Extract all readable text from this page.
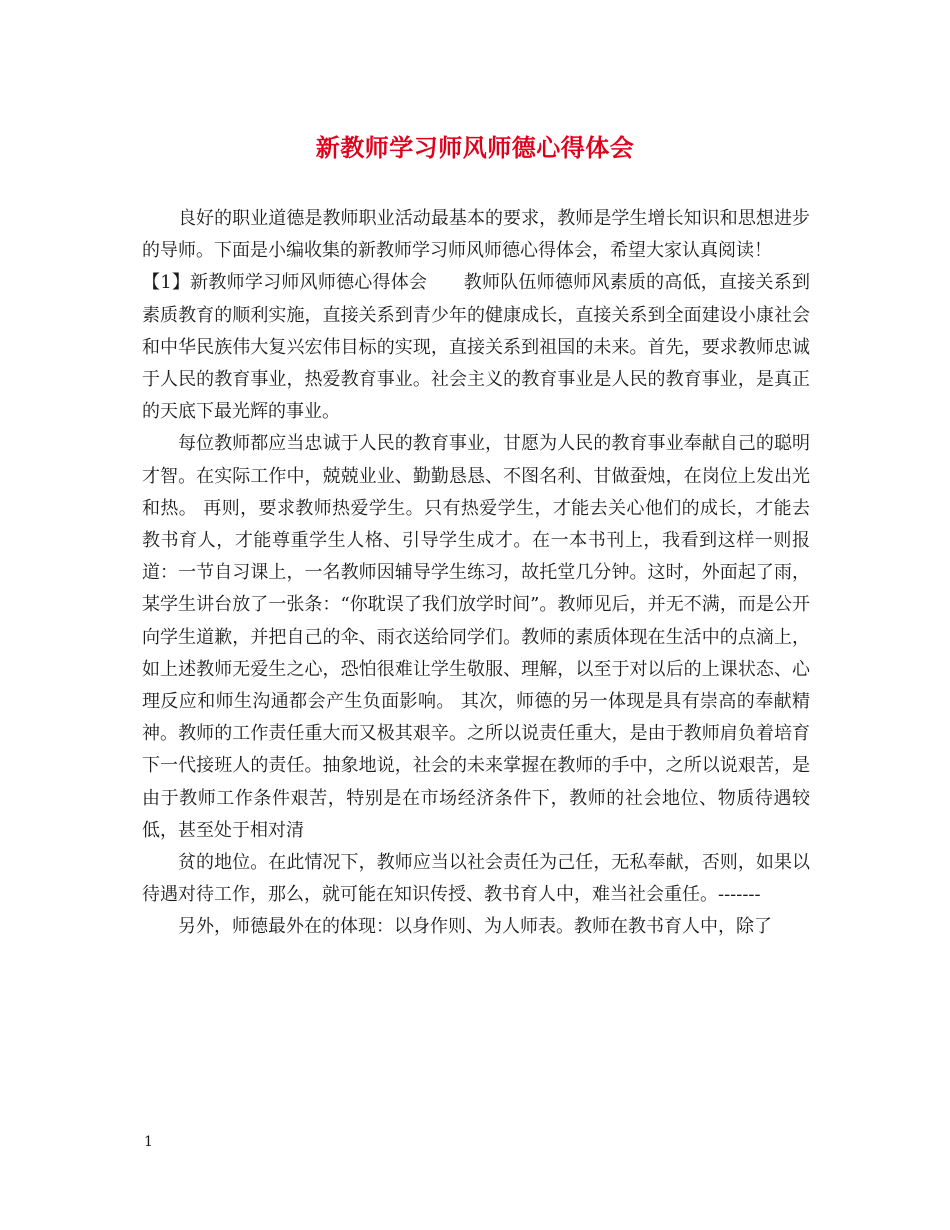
新教师学习师风师德心得体会

良好的职业道德是教师职业活动最基本的要求，教师是学生增长知识和思想进步的导师。下面是小编收集的新教师学习师风师德心得体会，希望大家认真阅读！

【1】新教师学习师风师德心得体会　　教师队伍师德师风素质的高低，直接关系到素质教育的顺利实施，直接关系到青少年的健康成长，直接关系到全面建设小康社会和中华民族伟大复兴宏伟目标的实现，直接关系到祖国的未来。首先，要求教师忠诚于人民的教育事业，热爱教育事业。社会主义的教育事业是人民的教育事业，是真正的天底下最光辉的事业。

每位教师都应当忠诚于人民的教育事业，甘愿为人民的教育事业奉献自己的聪明才智。在实际工作中，兢兢业业、勤勤恳恳、不图名利、甘做蚕烛，在岗位上发出光和热。 再则，要求教师热爱学生。只有热爱学生，才能去关心他们的成长，才能去教书育人，才能尊重学生人格、引导学生成才。在一本书刊上，我看到这样一则报道：一节自习课上，一名教师因辅导学生练习，故托堂几分钟。这时，外面起了雨，某学生讲台放了一张条：“你耽误了我们放学时间”。教师见后，并无不满，而是公开向学生道歉，并把自己的伞、雨衣送给同学们。教师的素质体现在生活中的点滴上，如上述教师无爱生之心，恐怕很难让学生敬服、理解，以至于对以后的上课状态、心理反应和师生沟通都会产生负面影响。 其次，师德的另一体现是具有崇高的奉献精神。教师的工作责任重大而又极其艰辛。之所以说责任重大，是由于教师肩负着培育下一代接班人的责任。抽象地说，社会的未来掌握在教师的手中，之所以说艰苦，是由于教师工作条件艰苦，特别是在市场经济条件下，教师的社会地位、物质待遇较低，甚至处于相对清

贫的地位。在此情况下，教师应当以社会责任为己任，无私奉献，否则，如果以待遇对待工作，那么，就可能在知识传授、教书育人中，难当社会重任。-------

另外，师德最外在的体现：以身作则、为人师表。教师在教书育人中，除了

1
